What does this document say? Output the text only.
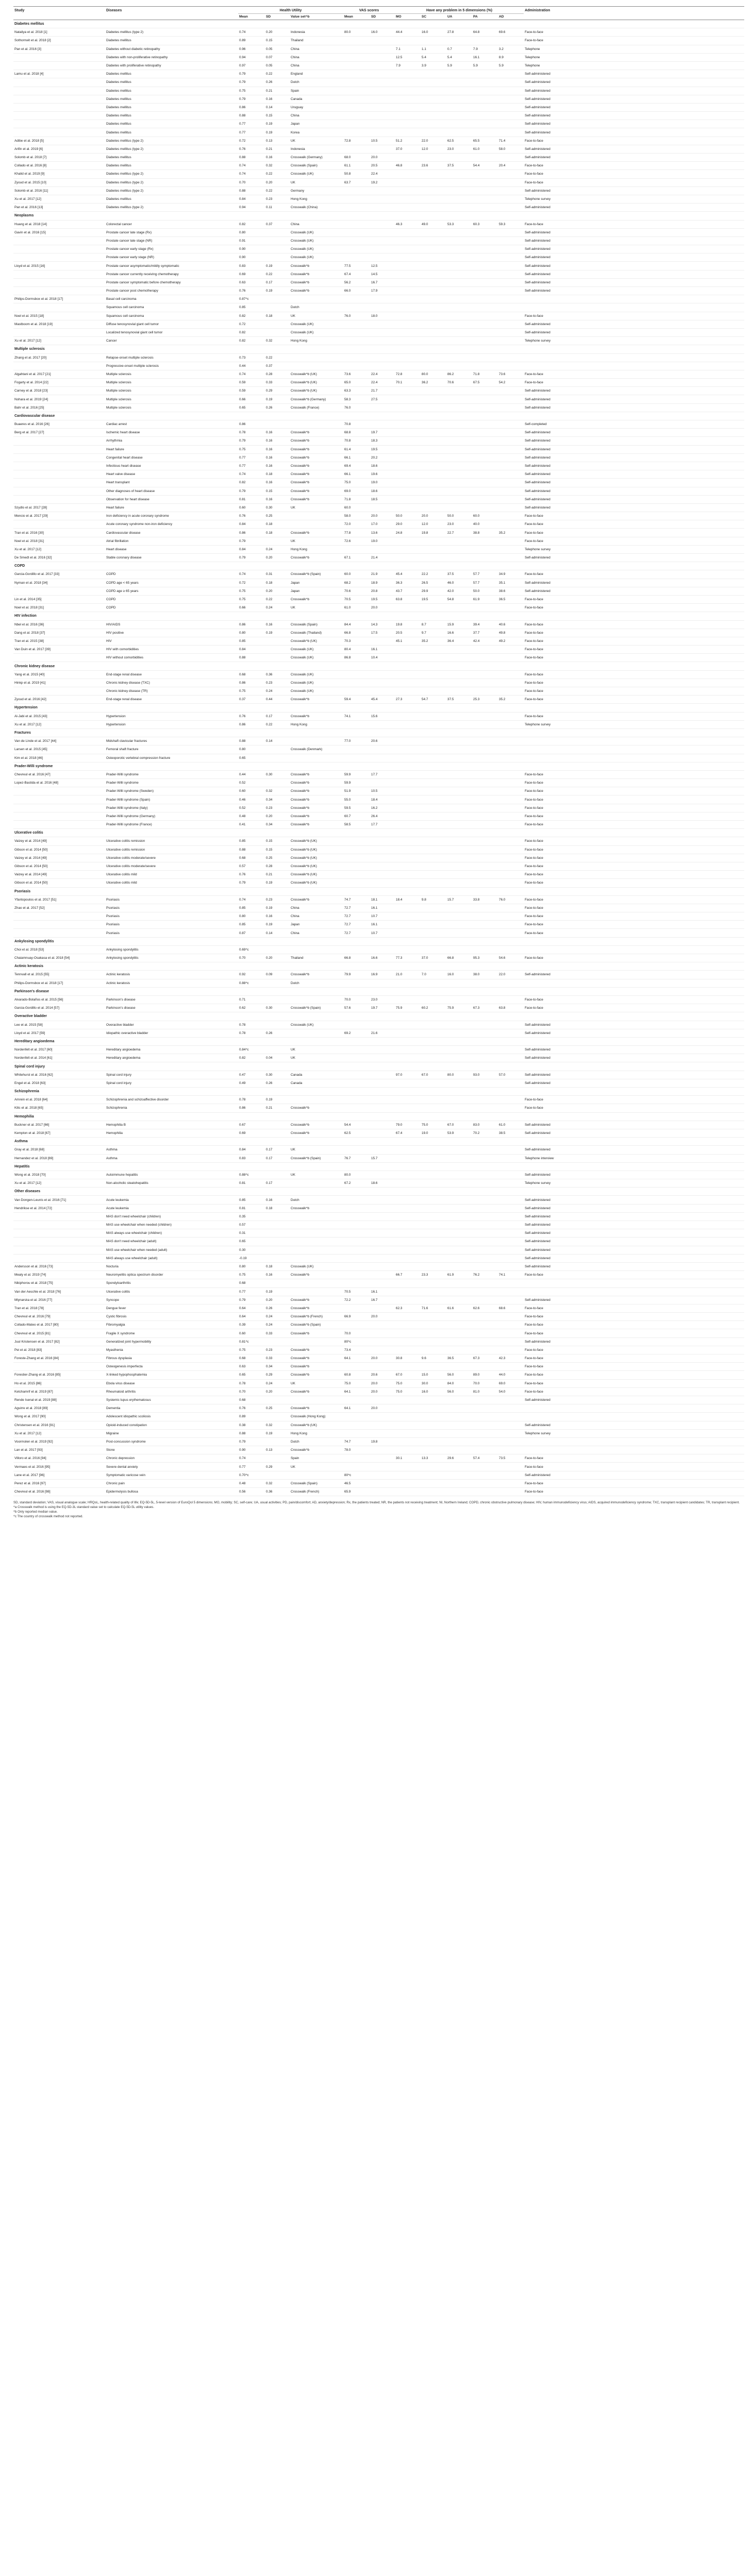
Study	Diseases	Health Utility			VAS scores		Have any problem in 5 dimensions (%)					Administration
		Mean	SD	Value set^b	Mean	SD	MO	SC	UA	PA	AD	
Diabetes mellitus												
Nataliya et al. 2018 [1]	Diabetes mellitus (type 2)	0.74	0.20	Indonesia	80.0	16.0	44.4	16.0	27.8	64.8	69.6	Face-to-face
Sothornwit et al. 2018 [2]	Diabetes mellitus	0.89	0.15	Thailand								Face-to-face
Pan et al. 2016 [3]	Diabetes without diabetic retinopathy	0.96	0.05	China			7.1	1.1	0.7	7.9	3.2	Telephone
	Diabetes with non-proliferative retinopathy	0.94	0.07	China			12.5	5.4	5.4	16.1	8.9	Telephone
	Diabetes with proliferative retinopathy	0.97	0.05	China			7.9	3.9	5.9	5.9	5.9	Telephone
Lamu et al. 2018 [4]	Diabetes mellitus	0.79	0.22	England								Self-administered
	Diabetes mellitus	0.79	0.26	Dutch								Self-administered
	Diabetes mellitus	0.75	0.21	Spain								Self-administered
	Diabetes mellitus	0.79	0.16	Canada								Self-administered
	Diabetes mellitus	0.86	0.14	Uruguay								Self-administered
	Diabetes mellitus	0.88	0.15	China								Self-administered
	Diabetes mellitus	0.77	0.19	Japan								Self-administered
	Diabetes mellitus	0.77	0.19	Korea								Self-administered
Adibe et al. 2018 [5]	Diabetes mellitus (type 2)	0.72	0.13	UK	72.8	10.5	51.2	22.0	62.5	65.5	71.4	Face-to-face
Arifin et al. 2019 [6]	Diabetes mellitus (type 2)	0.76	0.21	Indonesia			37.0	12.0	23.0	61.0	58.0	Self-administered
Solomb et al. 2018 [7]	Diabetes mellitus	0.88	0.16	Crosswalk (Germany)	68.0	20.0						Self-administered
Collado et al. 2016 [8]	Diabetes mellitus	0.74	0.32	Crosswalk (Spain)	61.1	20.5	46.8	23.6	37.5	54.4	20.4	Face-to-face
Khalid et al. 2019 [9]	Diabetes mellitus (type 2)	0.74	0.22	Crosswalk (UK)	50.8	22.4						Face-to-face
Zyoud et al. 2015 [10]	Diabetes mellitus (type 2)	0.70	0.20	UK	63.7	19.2						Face-to-face
Solomb et al. 2016 [11]	Diabetes mellitus (type 2)	0.88	0.22	Germany								Self-administered
Xu et al. 2017 [12]	Diabetes mellitus	0.84	0.23	Hong Kong								Telephone survey
Pan et al. 2016 [13]	Diabetes mellitus (type 2)	0.94	0.11	Crosswalk (China)								Self-administered
Neoplasms												
Huang et al. 2018 [14]	Colorectal cancer	0.82	0.37	China			46.3	49.0	53.3	60.3	59.3	Face-to-face
Gavin et al. 2016 [15]	Prostate cancer late stage (Rx)	0.80		Crosswalk (UK)								Self-administered
	Prostate cancer late stage (NR)	0.91		Crosswalk (UK)								Self-administered
	Prostate cancer early stage (Rx)	0.90		Crosswalk (UK)								Self-administered
	Prostate cancer early stage (NR)	0.90		Crosswalk (UK)								Self-administered
Lloyd et al. 2015 [16]	Prostate cancer asymptomatic/mildly symptomatic	0.83	0.19	Crosswalk^b	77.5	12.5						Self-administered
	Prostate cancer currently receiving chemotherapy	0.69	0.22	Crosswalk^b	67.4	14.5						Self-administered
	Prostate cancer symptomatic before chemotherapy	0.63	0.17	Crosswalk^b	56.2	16.7						Self-administered
	Prostate cancer post chemotherapy	0.76	0.19	Crosswalk^b	66.0	17.9						Self-administered
Philips-Dormsbox et al. 2018 [17]	Basal cell carcinoma	0.87^c										
	Squamous cell carcinoma	0.85		Dutch								
Noel et al. 2015 [18]	Squamous cell carcinoma	0.82	0.18	UK	76.0	18.0						Face-to-face
Mastboom et al. 2018 [19]	Diffuse tenosynovial giant cell tumor	0.72		Crosswalk (UK)								Self-administered
	Localized tenosynovial giant cell tumor	0.82		Crosswalk (UK)								Self-administered
Xu et al. 2017 [12]	Cancer	0.82	0.32	Hong Kong								Telephone survey
Multiple sclerosis												
Zhang et al. 2017 [20]	Relapse-onset multiple sclerosis	0.73	0.22									
	Progressive-onset multiple sclerosis	0.44	0.37									
Algahtani et al. 2017 [21]	Multiple sclerosis	0.74	0.28	Crosswalk^b (UK)	73.6	22.4	72.8	80.0	86.2	71.8	73.6	Face-to-face
Fogarty et al. 2014 [22]	Multiple sclerosis	0.59	0.33	Crosswalk^b (UK)	65.0	22.4	70.1	36.2	70.6	67.5	54.2	Face-to-face
Carney et al. 2018 [23]	Multiple sclerosis	0.59	0.29	Crosswalk^b (UK)	63.3	21.7						Self-administered
Nohara et al. 2019 [24]	Multiple sclerosis	0.66	0.19	Crosswalk^b (Germany)	58.3	27.5						Self-administered
Bahr et al. 2016 [25]	Multiple sclerosis	0.65	0.26	Crosswalk (France)	76.0							Self-administered
Cardiovascular disease												
Buaeres et al. 2016 [26]	Cardiac arrest	0.86			70.8							Self-completed
Berg et al. 2017 [27]	Ischemic heart disease	0.78	0.16	Crosswalk^b	68.8	19.7						Self-administered
	Arrhythmia	0.79	0.16	Crosswalk^b	70.8	18.3						Self-administered
	Heart failure	0.75	0.16	Crosswalk^b	61.4	19.5						Self-administered
	Congenital heart disease	0.77	0.16	Crosswalk^b	66.1	20.2						Self-administered
	Infectious heart disease	0.77	0.16	Crosswalk^b	69.4	18.6						Self-administered
	Heart valve disease	0.74	0.18	Crosswalk^b	66.1	19.6						Self-administered
	Heart transplant	0.82	0.16	Crosswalk^b	75.0	19.0						Self-administered
	Other diagnoses of heart disease	0.79	0.15	Crosswalk^b	69.0	18.6						Self-administered
	Observation for heart disease	0.81	0.16	Crosswalk^b	71.8	18.5						Self-administered
Szydlo et al. 2017 [28]	Heart failure	0.60	0.30	UK	60.0							Self-administered
Mencio et al. 2017 [29]	Iron deficiency in acute coronary syndrome	0.76	0.25		58.0	20.0	50.0	20.0	50.0	60.0		Face-to-face
	Acute coronary syndrome non-iron deficiency	0.84	0.18		72.0	17.0	29.0	12.0	23.0	40.0		Face-to-face
Tran et al. 2016 [30]	Cardiovascular disease	0.86	0.18	Crosswalk^b	77.8	13.6	24.8	19.8	22.7	38.8	35.2	Face-to-face
Noel et al. 2018 [31]	Atrial fibrillation	0.79		UK	72.6	19.0						Face-to-face
Xu et al. 2017 [12]	Heart disease	0.84	0.24	Hong Kong								Telephone survey
De Smedt et al. 2016 [32]	Stable coronary disease	0.79	0.20	Crosswalk^b	67.1	21.4						Self-administered
COPD												
Garcia-Gordillo et al. 2017 [33]	COPD	0.74	0.31	Crosswalk^b (Spain)	60.0	21.9	45.4	22.2	37.5	57.7	34.9	Face-to-face
Nyman et al. 2018 [34]	COPD age < 65 years	0.72	0.18	Japan	68.2	18.9	36.3	26.5	46.0	57.7	35.1	Self-administered
	COPD age ≥ 65 years	0.75	0.20	Japan	70.6	20.8	43.7	29.9	42.0	50.0	38.6	Self-administered
Lin et al. 2014 [35]	COPD	0.75	0.22	Crosswalk^b	70.5	19.5	63.8	19.5	54.8	61.9	36.5	Face-to-face
Noel et al. 2018 [31]	COPD	0.66	0.24	UK	61.0	20.0						Face-to-face
HIV infection												
Nbel et al. 2016 [36]	HIV/AIDS	0.86	0.16	Crosswalk (Spain)	84.4	14.3	19.8	8.7	15.9	39.4	40.6	Face-to-face
Dang et al. 2018 [37]	HIV positive	0.80	0.19	Crosswalk (Thailand)	66.8	17.5	20.5	9.7	16.6	37.7	49.8	Face-to-face
Tran et al. 2015 [38]	HIV	0.85		Crosswalk^b (UK)	70.3		45.1	35.2	36.4	42.4	49.2	Face-to-face
Van Duin et al. 2017 [39]	HIV with comorbidities	0.84		Crosswalk (UK)	80.4	16.1						Face-to-face
	HIV without comorbidities	0.88		Crosswalk (UK)	86.8	10.4						Face-to-face
Chronic kidney disease												
Yang et al. 2015 [40]	End-stage renal disease	0.68	0.36	Crosswalk (UK)								Face-to-face
Hinkp et al. 2019 [41]	Chronic kidney disease (TXC)	0.86	0.23	Crosswalk (UK)								Face-to-face
	Chronic kidney disease (TR)	0.75	0.24	Crosswalk (UK)								Face-to-face
Zyoud et al. 2016 [42]	End-stage renal disease	0.37	0.44	Crosswalk^b	59.4	45.4	27.3	54.7	37.5	25.3	35.2	Face-to-face
Hypertension												
Al-Jabi et al. 2015 [43]	Hypertension	0.76	0.17	Crosswalk^b	74.1	15.6						Face-to-face
Xu et al. 2017 [12]	Hypertension	0.86	0.22	Hong Kong								Telephone survey
Fractures												
Van de Linde et al. 2017 [44]	Midshaft clavicular fractures	0.88	0.14		77.0	20.6						
Larsen et al. 2015 [45]	Femoral shaft fracture	0.80		Crosswalk (Denmark)								
Kim et al. 2018 [46]	Osteoporotic vertebral compression fracture	0.65										
Prader-Willi syndrome												
Chevreul et al. 2016 [47]	Prader-Willi syndrome	0.44	0.30	Crosswalk^b	59.9	17.7						Face-to-face
Lopez-Bastida et al. 2016 [48]	Prader-Willi syndrome	0.52		Crosswalk^b	59.9							Face-to-face
	Prader-Willi syndrome (Sweden)	0.60	0.32	Crosswalk^b	51.9	10.5						Face-to-face
	Prader-Willi syndrome (Spain)	0.46	0.34	Crosswalk^b	55.0	18.4						Face-to-face
	Prader-Willi syndrome (Italy)	0.52	0.23	Crosswalk^b	59.5	16.2						Face-to-face
	Prader-Willi syndrome (Germany)	0.48	0.20	Crosswalk^b	60.7	26.4						Face-to-face
	Prader-Willi syndrome (France)	0.41	0.34	Crosswalk^b	58.5	17.7						Face-to-face
Ulcerative colitis												
Vaizey et al. 2014 [49]	Ulcerative colitis remission	0.85	0.15	Crosswalk^b (UK)								Face-to-face
Gibson et al. 2014 [50]	Ulcerative colitis remission	0.88	0.15	Crosswalk^b (UK)								Face-to-face
Vaizey et al. 2014 [49]	Ulcerative colitis moderate/severe	0.68	0.25	Crosswalk^b (UK)								Face-to-face
Gibson et al. 2014 [50]	Ulcerative colitis moderate/severe	0.57	0.28	Crosswalk^b (UK)								Face-to-face
Vaizey et al. 2014 [49]	Ulcerative colitis mild	0.76	0.21	Crosswalk^b (UK)								Face-to-face
Gibson et al. 2014 [50]	Ulcerative colitis mild	0.79	0.19	Crosswalk^b (UK)								Face-to-face
Psoriasis												
Yfantopoulos et al. 2017 [51]	Psoriasis	0.74	0.23	Crosswalk^b	74.7	18.1	18.4	9.8	15.7	33.8	76.0	Face-to-face
Zhao et al. 2017 [52]	Psoriasis	0.85	0.19	China	72.7	16.1						Face-to-face
	Psoriasis	0.80	0.16	China	72.7	10.7						Face-to-face
	Psoriasis	0.85	0.19	Japan	72.7	16.1						Face-to-face
	Psoriasis	0.87	0.14	China	72.7	10.7						Face-to-face
Ankylosing spondylitis												
Choi et al. 2018 [53]	Ankylosing spondylitis	0.69^c										
Chaiamnuay-Osakasa et al. 2018 [54]	Ankylosing spondylitis	0.70	0.20	Thailand	66.8	16.6	77.3	37.0	66.8	95.3	54.6	Face-to-face
Actinic keratosis												
Tennvall et al. 2015 [55]	Actinic keratosis	0.92	0.09	Crosswalk^b	79.9	16.9	21.0	7.0	16.0	38.0	22.0	Self-administered
Philips-Dormsbox et al. 2018 [17]	Actinic keratosis	0.88^c		Dutch								
Parkinson's disease												
Alvarado-Bolaños et al. 2015 [56]	Parkinson's disease	0.71			70.0	23.0						Face-to-face
Garcia-Gordillo et al. 2014 [57]	Parkinson's disease	0.62	0.30	Crosswalk^b (Spain)	57.6	19.7	75.9	60.2	75.9	67.3	63.8	Face-to-face
Overactive bladder												
Lee et al. 2015 [58]	Overactive bladder	0.78		Crosswalk (UK)								Self-administered
Lloyd et al. 2017 [59]	Idiopathic overactive bladder	0.78	0.26		69.2	21.6						Self-administered
Hereditary angioedema												
Nordenfelt et al. 2017 [60]	Hereditary angioedema	0.84^c		UK								Self-administered
Nordenfelt et al. 2014 [61]	Hereditary angioedema	0.82	0.04	UK								Self-administered
Spinal cord injury												
Whitehurst et al. 2016 [62]	Spinal cord injury	0.47	0.30	Canada			97.0	67.0	80.0	93.0	57.0	Self-administered
Engel et al. 2018 [63]	Spinal cord injury	0.49	0.26	Canada								Self-administered
Schizophrenia												
Amrein et al. 2018 [64]	Schizophrenia and schizoaffective disorder	0.78	0.19									Face-to-face
Kilic et al. 2018 [65]	Schizophrenia	0.86	0.21	Crosswalk^b								Face-to-face
Hemophilia												
Buckner et al. 2017 [66]	Hemophilia B	0.67		Crosswalk^b	54.4		79.0	75.0	67.0	83.0	61.0	Self-administered
Kempton et al. 2018 [67]	Hemophilia	0.69		Crosswalk^b	62.5		67.4	19.0	53.9	70.2	38.5	Self-administered
Asthma												
Gray et al. 2018 [68]	Asthma	0.84	0.17	UK								Self-administered
Hernandez et al. 2018 [69]	Asthma	0.83	0.17	Crosswalk^b (Spain)	76.7	15.7						Telephone interview
Hepatitis												
Wong et al. 2018 [70]	Autoimmune hepatitis	0.88^c		UK	80.0							Self-administered
Xu et al. 2017 [12]	Non-alcoholic steatohepatitis	0.81	0.17		67.2	18.6						Telephone survey
Other diseases												
Van Dongen-Leunis et al. 2016 [71]	Acute leukemia	0.85	0.16	Dutch								Self-administered
Hendrikse et al. 2014 [72]	Acute leukemia	0.81	0.18	Crosswalk^b								Self-administered
	MAS don't need wheelchair (children)	0.35										Self-administered
	MAS use wheelchair when needed (children)	0.57										Self-administered
	MAS always use wheelchair (children)	0.31										Self-administered
	MAS don't need wheelchair (adult)	0.65										Self-administered
	MAS use wheelchair when needed (adult)	0.30										Self-administered
	MAS always use wheelchair (adult)	-0.19										Self-administered
Andersson et al. 2016 [73]	Nocturia	0.80	0.18	Crosswalk (UK)								Self-administered
Mealy et al. 2019 [74]	Neuromyelitis optica spectrum disorder	0.75	0.16	Crosswalk^b			66.7	23.3	61.9	76.2	74.1	Face-to-face
Nikiphorou et al. 2018 [75]	Spondyloarthritis	0.68										
Van der Aeschle et al. 2018 [76]	Ulcerative colitis	0.77	0.19		70.5	16.1						
Mlynarska et al. 2016 [77]	Syncope	0.79	0.20	Crosswalk^b	72.2	16.7						Self-administered
Tran et al. 2018 [78]	Dengue fever	0.64	0.26	Crosswalk^b			62.3	71.6	61.6	62.6	68.6	Face-to-face
Chevreul et al. 2016 [79]	Cystic fibrosis	0.64	0.24	Crosswalk^b (French)	66.9	20.0						Face-to-face
Collado-Mateo et al. 2017 [80]	Fibromyalgia	0.39	0.24	Crosswalk^b (Spain)								Face-to-face
Chevreul et al. 2015 [81]	Fragile X syndrome	0.60	0.33	Crosswalk^b	70.0							Face-to-face
Juul Kristensen et al. 2017 [82]	Generalized joint hypermobility	0.81^c			80^c							Self-administered
Pei et al. 2018 [83]	Myasthenia	0.75	0.23	Crosswalk^b	73.4							Face-to-face
Foreste-Zhang et al. 2016 [84]	Fibrous dysplasia	0.68	0.33	Crosswalk^b	64.1	20.0	30.8	9.6	36.5	67.3	42.3	Face-to-face
	Osteogenesis imperfecta	0.63	0.34	Crosswalk^b								Face-to-face
Forestier-Zhang et al. 2016 [85]	X-linked hypophosphatemia	0.65	0.29	Crosswalk^b	60.8	20.6	67.0	15.0	56.0	89.0	44.0	Face-to-face
Ho et al. 2015 [86]	Ebola virus disease	0.78	0.24	UK	75.0	20.0	75.0	30.0	84.0	70.0	69.0	Face-to-face
Ketchamrif et al. 2019 [87]	Rheumatoid arthritis	0.70	0.20	Crosswalk^b	64.1	20.0	75.0	16.0	56.0	81.0	54.0	Face-to-face
Rende Isenal et al. 2019 [88]	Systemic lupus erythematosus	0.68										Self-administered
Aguirre et al. 2018 [89]	Dementia	0.76	0.25	Crosswalk^b	64.1	20.0						
Wong et al. 2017 [90]	Adolescent idiopathic scoliosis	0.89		Crosswalk (Hong Kong)								
Christensen et al. 2016 [91]	Opioid-induced constipation	0.38	0.32	Crosswalk^b (UK)								Self-administered
Xu et al. 2017 [12]	Migraine	0.88	0.19	Hong Kong								Telephone survey
Voormolen et al. 2019 [92]	Post-concussion syndrome	0.79		Dutch	74.7	19.8						
Lan et al. 2017 [93]	Stone	0.90	0.13	Crosswalk^b	78.0							
Villoro et al. 2016 [94]	Chronic depression	0.74		Spain			30.1	13.3	29.6	57.4	73.5	Face-to-face
Vermaes et al. 2016 [95]	Severe dental anxiety	0.77	0.29	UK								Face-to-face
Lane et al. 2017 [96]	Symptomatic varicose vein	0.70^c			80^c							Self-administered
Perez et al. 2016 [97]	Chronic pain	0.48	0.32	Crosswalk (Spain)	46.5							Face-to-face
Chevreul et al. 2016 [98]	Epidermolysis bullosa	0.56	0.36	Crosswalk (French)	65.9							Face-to-face

SD, standard deviation; VAS, visual analogue scale; HRQoL, health-related quality of life; EQ-5D-5L, 5-level version of EuroQol 5 dimensions; MO, mobility; SC, self-care; UA, usual activities; PD, pain/discomfort; AD, anxiety/depression; Rx, the patients treated; NR, the patients not receiving treatment; NI, Northern Ireland; COPD, chronic obstructive pulmonary disease; HIV, human immunodeficiency virus; AIDS, acquired immunodeficiency syndrome; TXC, transplant recipient candidates; TR, transplant recipient.

^a Crosswalk method is using the EQ-5D-3L standard value set to calculate EQ-5D-5L utility values.

^b Only reported median value.

^c The country of crosswalk method not reported.
